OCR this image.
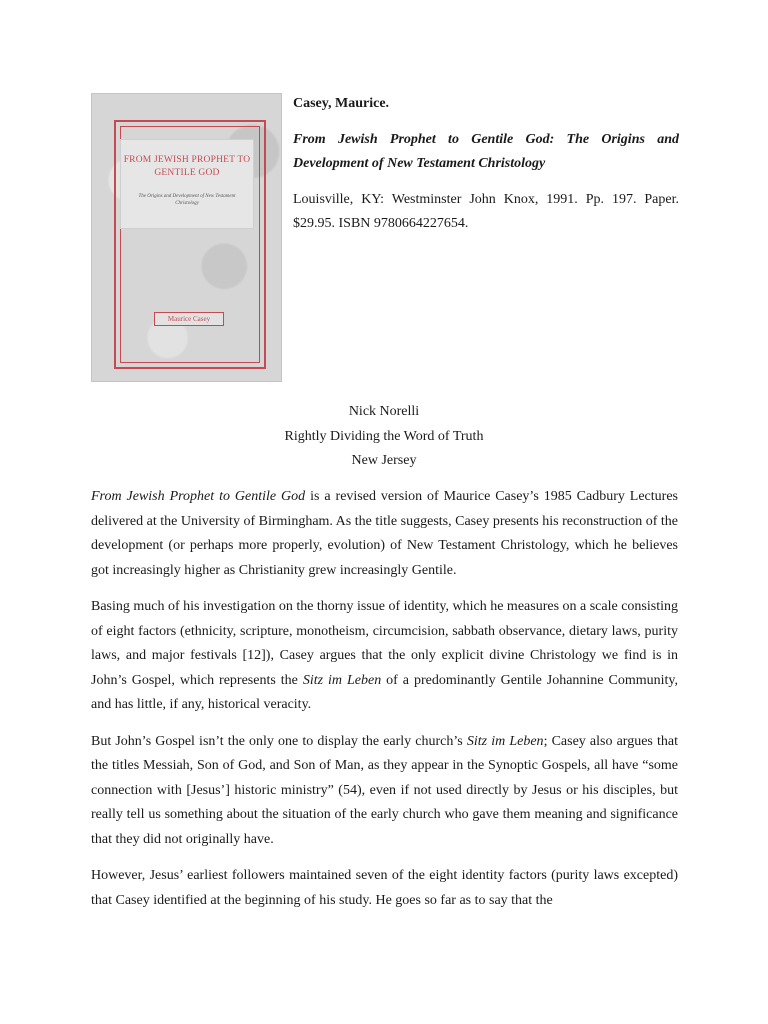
FROM JEWISH PROPHET TO GENTILE GOD
The Origins and Development of New Testament Christology
Maurice Casey

Casey, Maurice.

From Jewish Prophet to Gentile God: The Origins and Development of New Testament Christology

Louisville, KY: Westminster John Knox, 1991. Pp. 197. Paper. $29.95. ISBN 9780664227654.

Nick Norelli
Rightly Dividing the Word of Truth
New Jersey

From Jewish Prophet to Gentile God is a revised version of Maurice Casey’s 1985 Cadbury Lectures delivered at the University of Birmingham. As the title suggests, Casey presents his reconstruction of the development (or perhaps more properly, evolution) of New Testament Christology, which he believes got increasingly higher as Christianity grew increasingly Gentile.

Basing much of his investigation on the thorny issue of identity, which he measures on a scale consisting of eight factors (ethnicity, scripture, monotheism, circumcision, sabbath observance, dietary laws, purity laws, and major festivals [12]), Casey argues that the only explicit divine Christology we find is in John’s Gospel, which represents the Sitz im Leben of a predominantly Gentile Johannine Community, and has little, if any, historical veracity.

But John’s Gospel isn’t the only one to display the early church’s Sitz im Leben; Casey also argues that the titles Messiah, Son of God, and Son of Man, as they appear in the Synoptic Gospels, all have “some connection with [Jesus’] historic ministry” (54), even if not used directly by Jesus or his disciples, but really tell us something about the situation of the early church who gave them meaning and significance that they did not originally have.

However, Jesus’ earliest followers maintained seven of the eight identity factors (purity laws excepted) that Casey identified at the beginning of his study. He goes so far as to say that the
